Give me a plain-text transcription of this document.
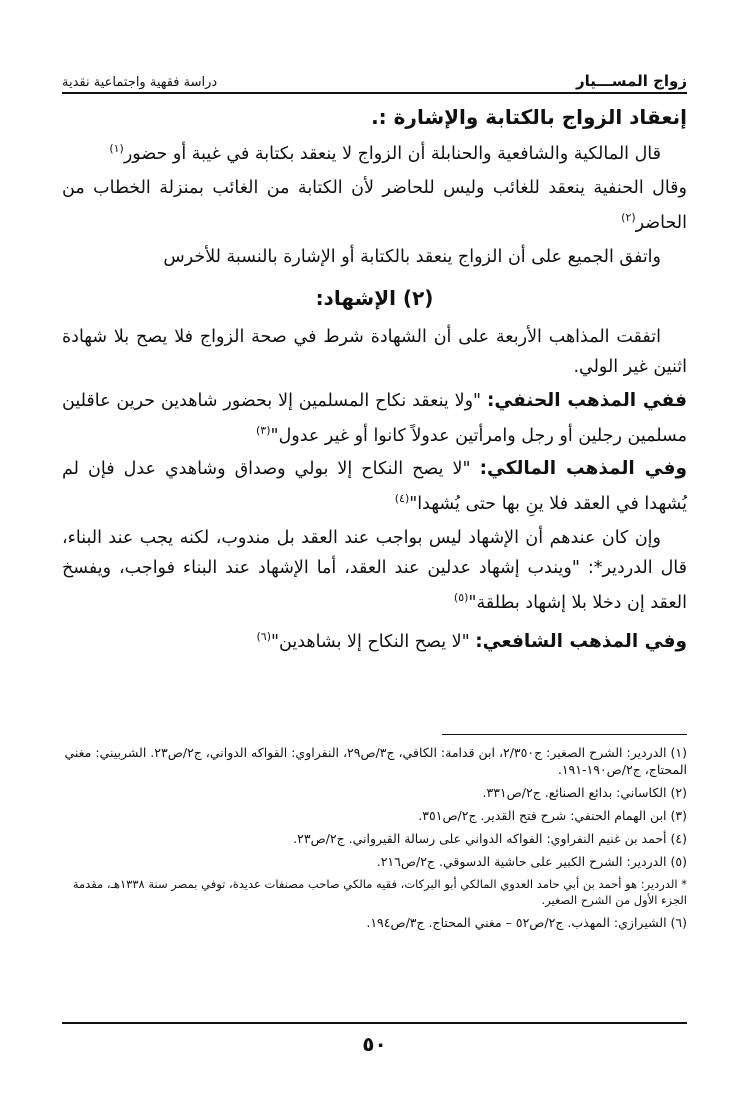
زواج المســـيار
دراسة فقهية واجتماعية نقدية

إنعقاد الزواج بالكتابة والإشارة :.

قال المالكية والشافعية والحنابلة أن الزواج لا ينعقد بكتابة في غيبة أو حضور$^{(١)}$

وقال الحنفية ينعقد للغائب وليس للحاضر لأن الكتابة من الغائب بمنزلة الخطاب من الحاضر$^{(٢)}$

واتفق الجميع على أن الزواج ينعقد بالكتابة أو الإشارة بالنسبة للأخرس

(٢) الإشهاد:

اتفقت المذاهب الأربعة على أن الشهادة شرط في صحة الزواج فلا يصح بلا شهادة اثنين غير الولي.

ففي المذهب الحنفي: "ولا ينعقد نكاح المسلمين إلا بحضور شاهدين حرين عاقلين مسلمين رجلين أو رجل وامرأتين عدولاً كانوا أو غير عدول"$^{(٣)}$

وفي المذهب المالكي: "لا يصح النكاح إلا بولي وصداق وشاهدي عدل فإن لم يُشهدا في العقد فلا ينِ بها حتى يُشهدا"$^{(٤)}$

وإن كان عندهم أن الإشهاد ليس بواجب عند العقد بل مندوب، لكنه يجب عند البناء، قال الدردير*: "ويندب إشهاد عدلين عند العقد، أما الإشهاد عند البناء فواجب، ويفسخ العقد إن دخلا بلا إشهاد بطلقة"$^{(٥)}$

وفي المذهب الشافعي: "لا يصح النكاح إلا بشاهدين"$^{(٦)}$

(١) الدردير: الشرح الصغير: ج٢/٣٥٠، ابن قدامة: الكافي، ج٣/ص٢٩، النفراوي: الفواكه الدواني، ج٢/ص٢٣. الشربيني: مغني المحتاج، ج٢/ص١٩٠-١٩١.

(٢) الكاساني: بدائع الصنائع. ج٢/ص٣٣١.

(٣) ابن الهمام الحنفي: شرح فتح القدير. ج٢/ص٣٥١.

(٤) أحمد بن غنيم النفراوي: الفواكه الدواني على رسالة القيرواني. ج٢/ص٢٣.

(٥) الدردير: الشرح الكبير على حاشية الدسوقي. ج٢/ص٢١٦.

* الدردير: هو أحمد بن أبي حامد العدوي المالكي أبو البركات، فقيه مالكي صاحب مصنفات عديدة، توفي بمصر سنة ١٣٣٨هـ، مقدمة الجزء الأول من الشرح الصغير.

(٦) الشيرازي: المهذب. ج٢/ص٥٢ – مغني المحتاج. ج٣/ص١٩٤.

٥٠
